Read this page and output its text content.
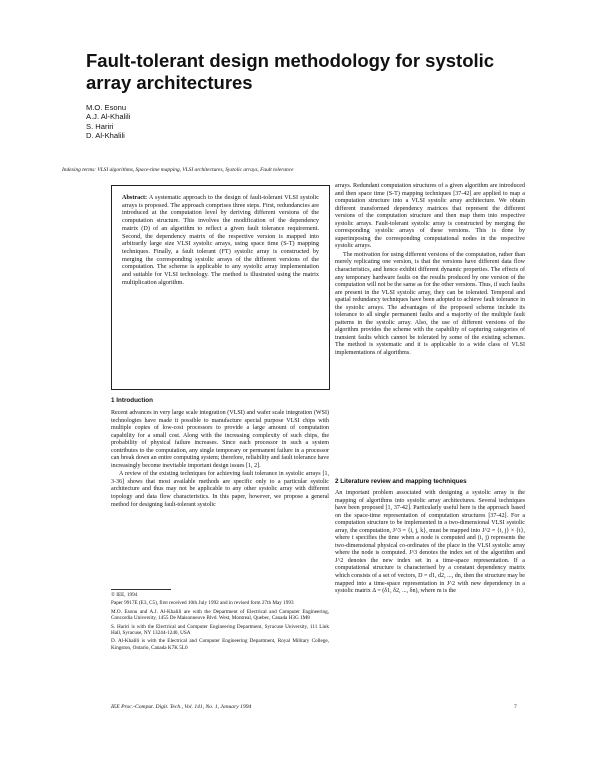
Fault-tolerant design methodology for systolic array architectures
M.O. Esonu
A.J. Al-Khalili
S. Hariri
D. Al-Khalili
Indexing terms: VLSI algorithms, Space-time mapping, VLSI architectures, Systolic arrays, Fault tolerance

Abstract: A systematic approach to the design of fault-tolerant VLSI systolic arrays is proposed. The approach comprises three steps. First, redundancies are introduced at the computation level by deriving different versions of the computation structure. This involves the modification of the dependency matrix (D) of an algorithm to reflect a given fault tolerance requirement. Second, the dependency matrix of the respective version is mapped into arbitrarily large size VLSI systolic arrays, using space time (S-T) mapping techniques. Finally, a fault tolerant (FT) systolic array is constructed by merging the corresponding systolic arrays of the different versions of the computation. The scheme is applicable to any systolic array implementation and suitable for VLSI technology. The method is illustrated using the matrix multiplication algorithm.

1 Introduction

Recent advances in very large scale integration (VLSI) and wafer scale integration (WSI) technologies have made it possible to manufacture special purpose VLSI chips with multiple copies of low-cost processors to provide a large amount of computation capability for a small cost. Along with the increasing complexity of such chips, the probability of physical failure increases. Since each processor in such a system contributes to the computation, any single temporary or permanent failure in a processor can break down an entire computing system; therefore, reliability and fault tolerance have increasingly become inevitable important design issues [1, 2].

A review of the existing techniques for achieving fault tolerance in systolic arrays [1, 3-36] shows that most available methods are specific only to a particular systolic architecture and thus may not be applicable to any other systolic array with different topology and data flow characteristics. In this paper, however, we propose a general method for designing fault-tolerant systolic

© IEE, 1994

Paper 9917E (E3, C5), first received 10th July 1992 and in revised form 27th May 1993

M.O. Esonu and A.J. Al-Khalili are with the Department of Electrical and Computer Engineering, Concordia University, 1455 De Maisonneuve Blvd. West, Montreal, Quebec, Canada H3G 1M8

S. Hariri is with the Electrical and Computer Engineering Department, Syracuse University, 111 Link Hall, Syracuse, NY 13244-1240, USA

D. Al-Khalili is with the Electrical and Computer Engineering Department, Royal Military College, Kingston, Ontario, Canada K7K 5L0

arrays. Redundant computation structures of a given algorithm are introduced and then space time (S-T) mapping techniques [37-42] are applied to map a computation structure into a VLSI systolic array architecture. We obtain different transformed dependency matrices that represent the different versions of the computation structure and then map them into respective systolic arrays. Fault-tolerant systolic array is constructed by merging the corresponding systolic arrays of these versions. This is done by superimposing the corresponding computational nodes in the respective systolic arrays.

The motivation for using different versions of the computation, rather than merely replicating one version, is that the versions have different data flow characteristics, and hence exhibit different dynamic properties. The effects of any temporary hardware faults on the results produced by one version of the computation will not be the same as for the other versions. Thus, if such faults are present in the VLSI systolic array, they can be tolerated. Temporal and spatial redundancy techniques have been adopted to achieve fault tolerance in the systolic arrays. The advantages of the proposed scheme include its tolerance to all single permanent faults and a majority of the multiple fault patterns in the systolic array. Also, the use of different versions of the algorithm provides the scheme with the capability of capturing categories of transient faults which cannot be tolerated by some of the existing schemes. The method is systematic and it is applicable to a wide class of VLSI implementations of algorithms.

2 Literature review and mapping techniques

An important problem associated with designing a systolic array is the mapping of algorithms into systolic array architectures. Several techniques have been proposed [1, 37-42]. Particularly useful here is the approach based on the space-time representation of computation structures [37-42]. For a computation structure to be implemented in a two-dimensional VLSI systolic array, the computation, J^3 = {i, j, k}, must be mapped into J^2 = {i, j} × {t}, where t specifies the time when a node is computed and (i, j) represents the two-dimensional physical co-ordinates of the place in the VLSI systolic array where the node is computed. J^3 denotes the index set of the algorithm and J^2 denotes the new index set in a time-space representation. If a computational structure is characterised by a constant dependency matrix which consists of a set of vectors, D = d1, d2, ..., dn, then the structure may be mapped into a time-space representation in J^2 with new dependency in a systolic matrix Δ = (δ1, δ2, ..., δn), where m is the

IEE Proc.-Comput. Digit. Tech., Vol. 141, No. 1, January 1994	7
